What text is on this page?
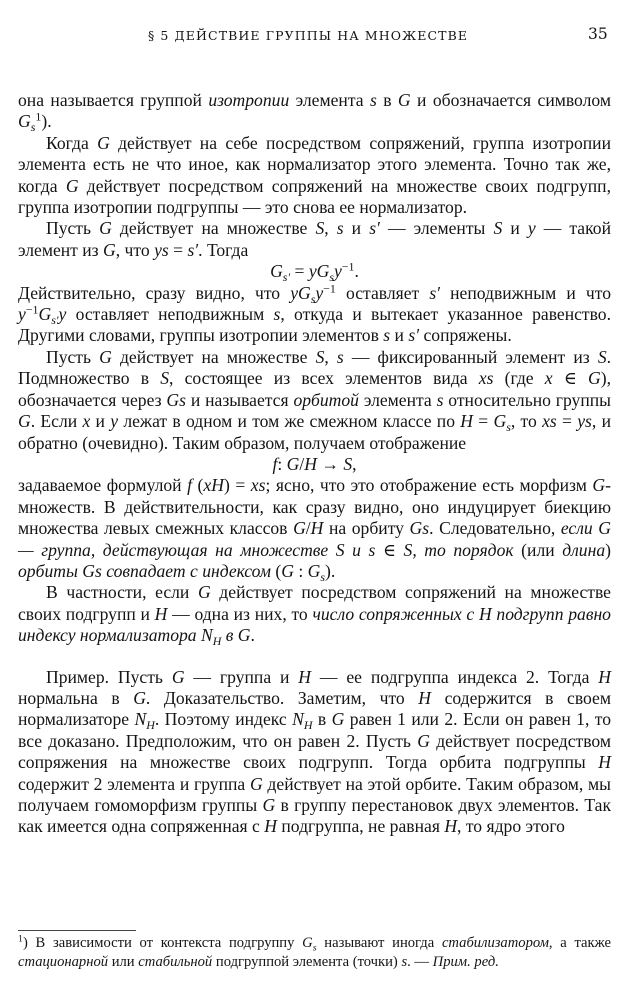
§ 5 ДЕЙСТВИЕ ГРУППЫ НА МНОЖЕСТВЕ	35

она называется группой изотропии элемента s в G и обозначается символом $G_s^1$).

Когда G действует на себе посредством сопряжений, группа изотропии элемента есть не что иное, как нормализатор этого элемента. Точно так же, когда G действует посредством сопряжений на множестве своих подгрупп, группа изотропии подгруппы — это снова ее нормализатор.

Пусть G действует на множестве S, s и s′ — элементы S и y — такой элемент из G, что ys = s′. Тогда

$G_{s'} = yG_sy^{-1}$.

Действительно, сразу видно, что $yG_sy^{-1}$ оставляет s′ неподвижным и что $y^{-1}G_{s'}y$ оставляет неподвижным s, откуда и вытекает указанное равенство. Другими словами, группы изотропии элементов s и s′ сопряжены.

Пусть G действует на множестве S, s — фиксированный элемент из S. Подмножество в S, состоящее из всех элементов вида xs (где x ∈ G), обозначается через Gs и называется орбитой элемента s относительно группы G. Если x и y лежат в одном и том же смежном классе по $H = G_s$, то xs = ys, и обратно (очевидно). Таким образом, получаем отображение

f: G/H → S,

задаваемое формулой f (xH) = xs; ясно, что это отображение есть морфизм G-множеств. В действительности, как сразу видно, оно индуцирует биекцию множества левых смежных классов G/H на орбиту Gs. Следовательно, если G — группа, действующая на множестве S и s ∈ S, то порядок (или длина) орбиты Gs совпадает с индексом (G : $G_s$).

В частности, если G действует посредством сопряжений на множестве своих подгрупп и H — одна из них, то число сопряженных с H подгрупп равно индексу нормализатора $N_H$ в G.

Пример. Пусть G — группа и H — ее подгруппа индекса 2. Тогда H нормальна в G. Доказательство. Заметим, что H содержится в своем нормализаторе $N_H$. Поэтому индекс $N_H$ в G равен 1 или 2. Если он равен 1, то все доказано. Предположим, что он равен 2. Пусть G действует посредством сопряжения на множестве своих подгрупп. Тогда орбита подгруппы H содержит 2 элемента и группа G действует на этой орбите. Таким образом, мы получаем гомоморфизм группы G в группу перестановок двух элементов. Так как имеется одна сопряженная с H подгруппа, не равная H, то ядро этого

$^1$) В зависимости от контекста подгруппу $G_s$ называют иногда стабилизатором, а также стационарной или стабильной подгруппой элемента (точки) s. — Прим. ред.
